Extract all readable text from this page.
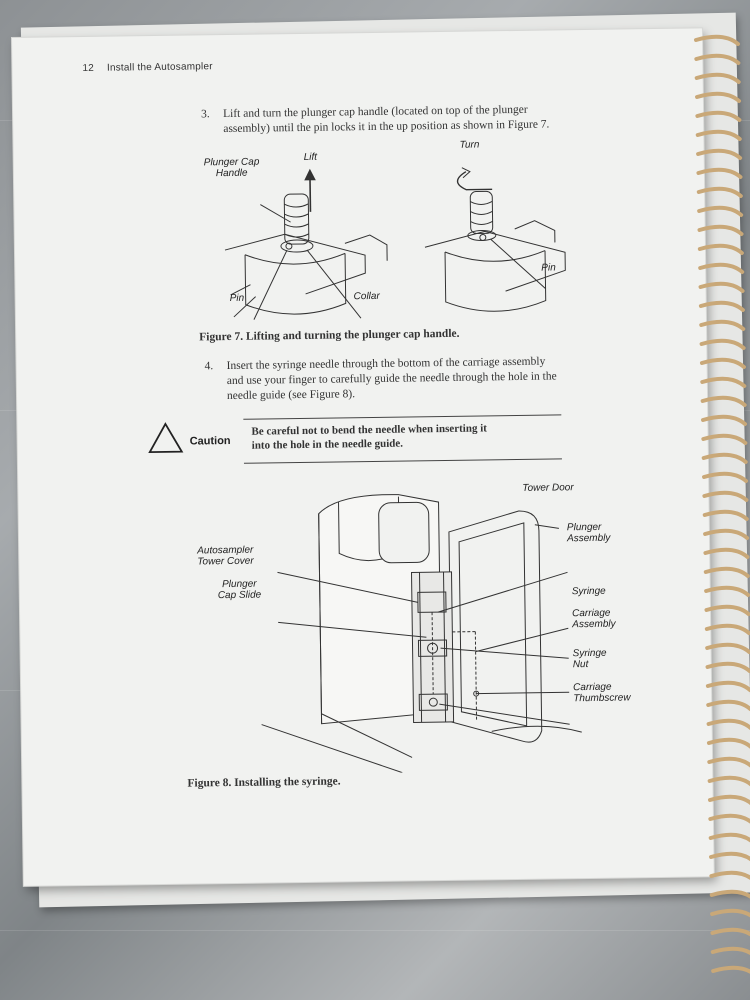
12 Install the Autosampler
3. Lift and turn the plunger cap handle (located on top of the plunger
assembly) until the pin locks it in the up position as shown in Figure 7.
Plunger Cap
Handle
Lift
Turn
Pin	Collar
Pin
Figure 7. Lifting and turning the plunger cap handle.
4. Insert the syringe needle through the bottom of the carriage assembly
and use your finger to carefully guide the needle through the hole in the
needle guide (see Figure 8).
Caution
Be careful not to bend the needle when inserting it
into the hole in the needle guide.
Tower Door
Plunger
Assembly
Autosampler
Tower Cover
Plunger
Cap Slide	Syringe
Carriage
Assembly
Syringe
Nut
Carriage
Thumbscrew
Figure 8. Installing the syringe.
